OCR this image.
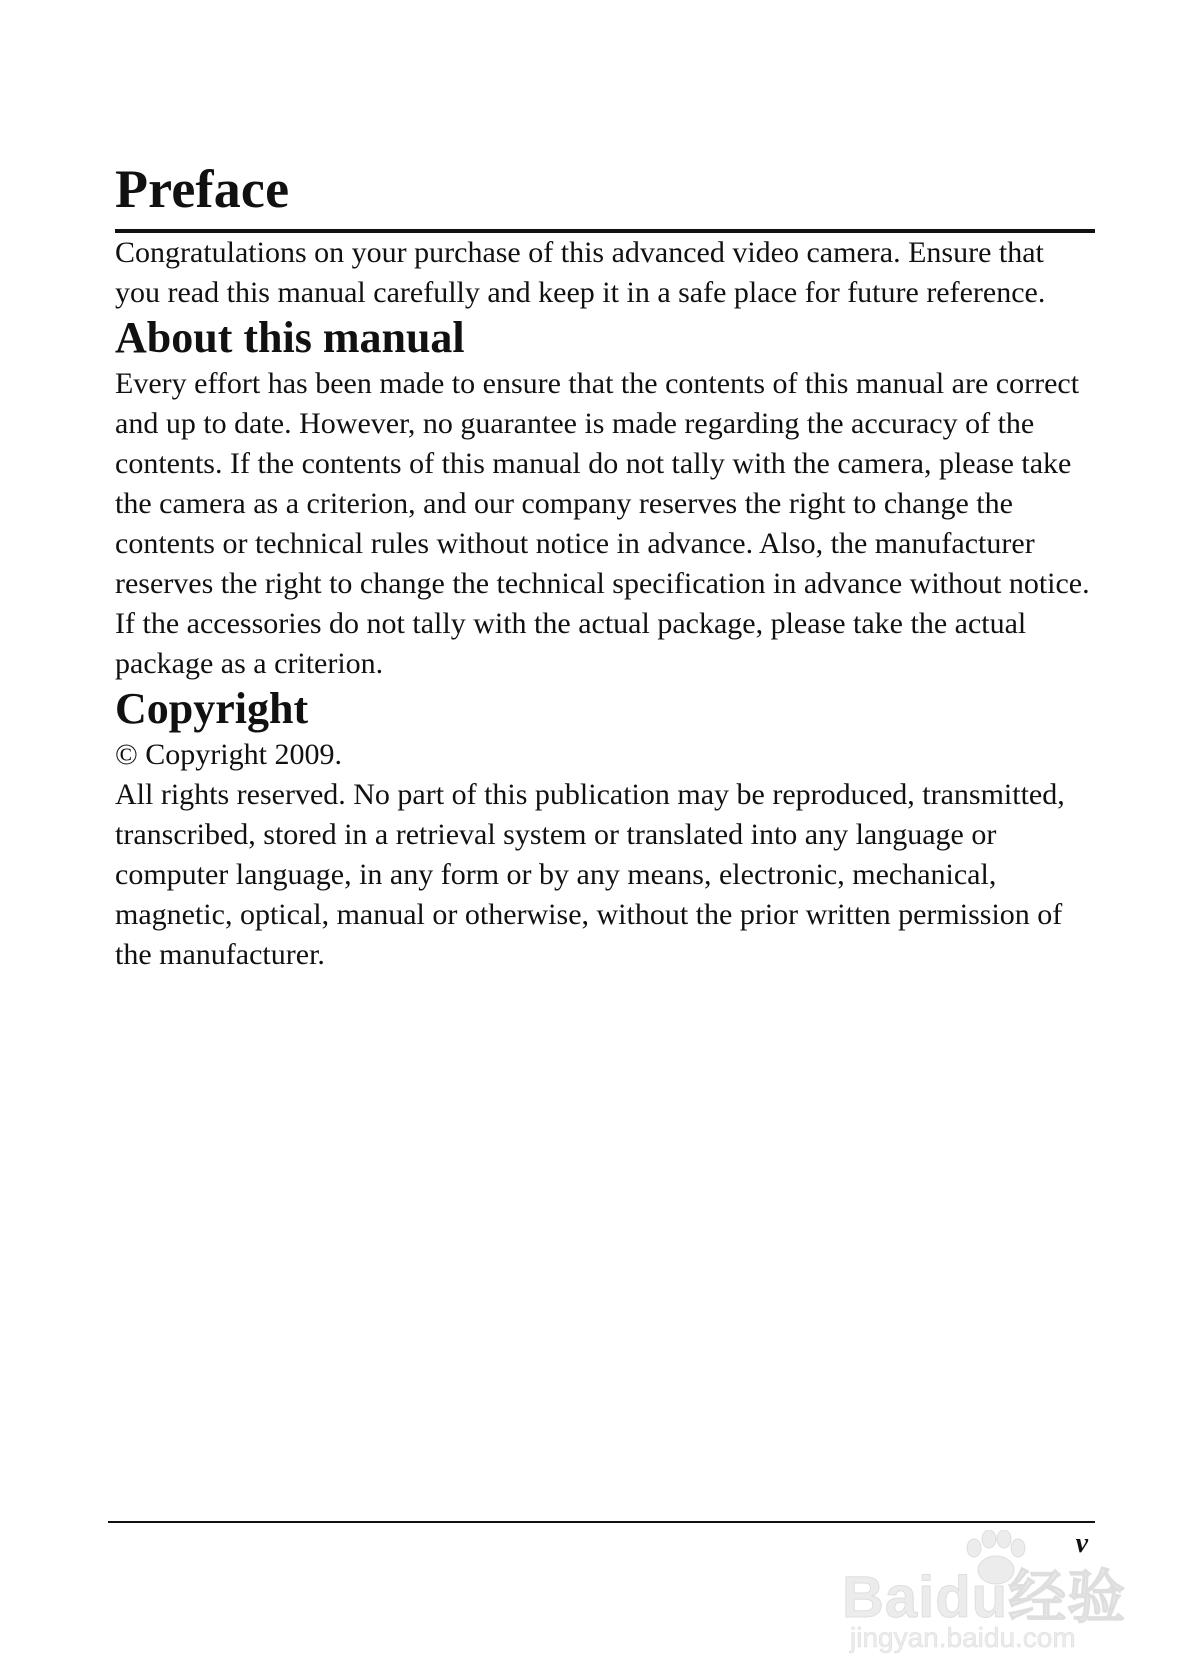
Preface

Congratulations on your purchase of this advanced video camera. Ensure that you read this manual carefully and keep it in a safe place for future reference.

About this manual

Every effort has been made to ensure that the contents of this manual are correct and up to date. However, no guarantee is made regarding the accuracy of the contents. If the contents of this manual do not tally with the camera, please take the camera as a criterion, and our company reserves the right to change the contents or technical rules without notice in advance. Also, the manufacturer reserves the right to change the technical specification in advance without notice.

If the accessories do not tally with the actual package, please take the actual package as a criterion.

Copyright

© Copyright 2009.

All rights reserved. No part of this publication may be reproduced, transmitted, transcribed, stored in a retrieval system or translated into any language or computer language, in any form or by any means, electronic, mechanical, magnetic, optical, manual or otherwise, without the prior written permission of the manufacturer.

v
Baidu经验
jingyan.baidu.com
